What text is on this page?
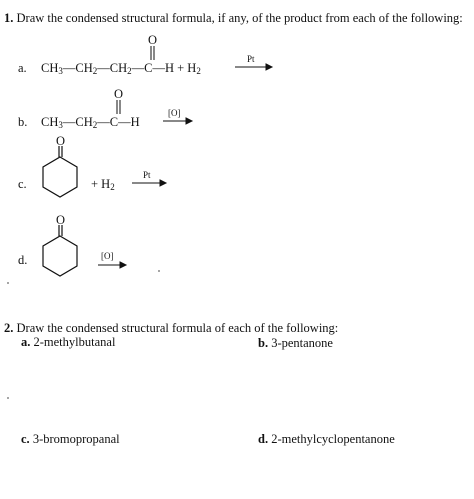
1. Draw the condensed structural formula, if any, of the product from each of the following:
O
a. $CH_3—CH_2—CH_2—C—H + H_2$
Pt
O
b. $CH_3—CH_2—C—H$
[O]
O
c.	+ $H_2$
Pt
O
d.	[O]
2. Draw the condensed structural formula of each of the following:
a. 2-methylbutanal	b. 3-pentanone
c. 3-bromopropanal	d. 2-methylcyclopentanone
